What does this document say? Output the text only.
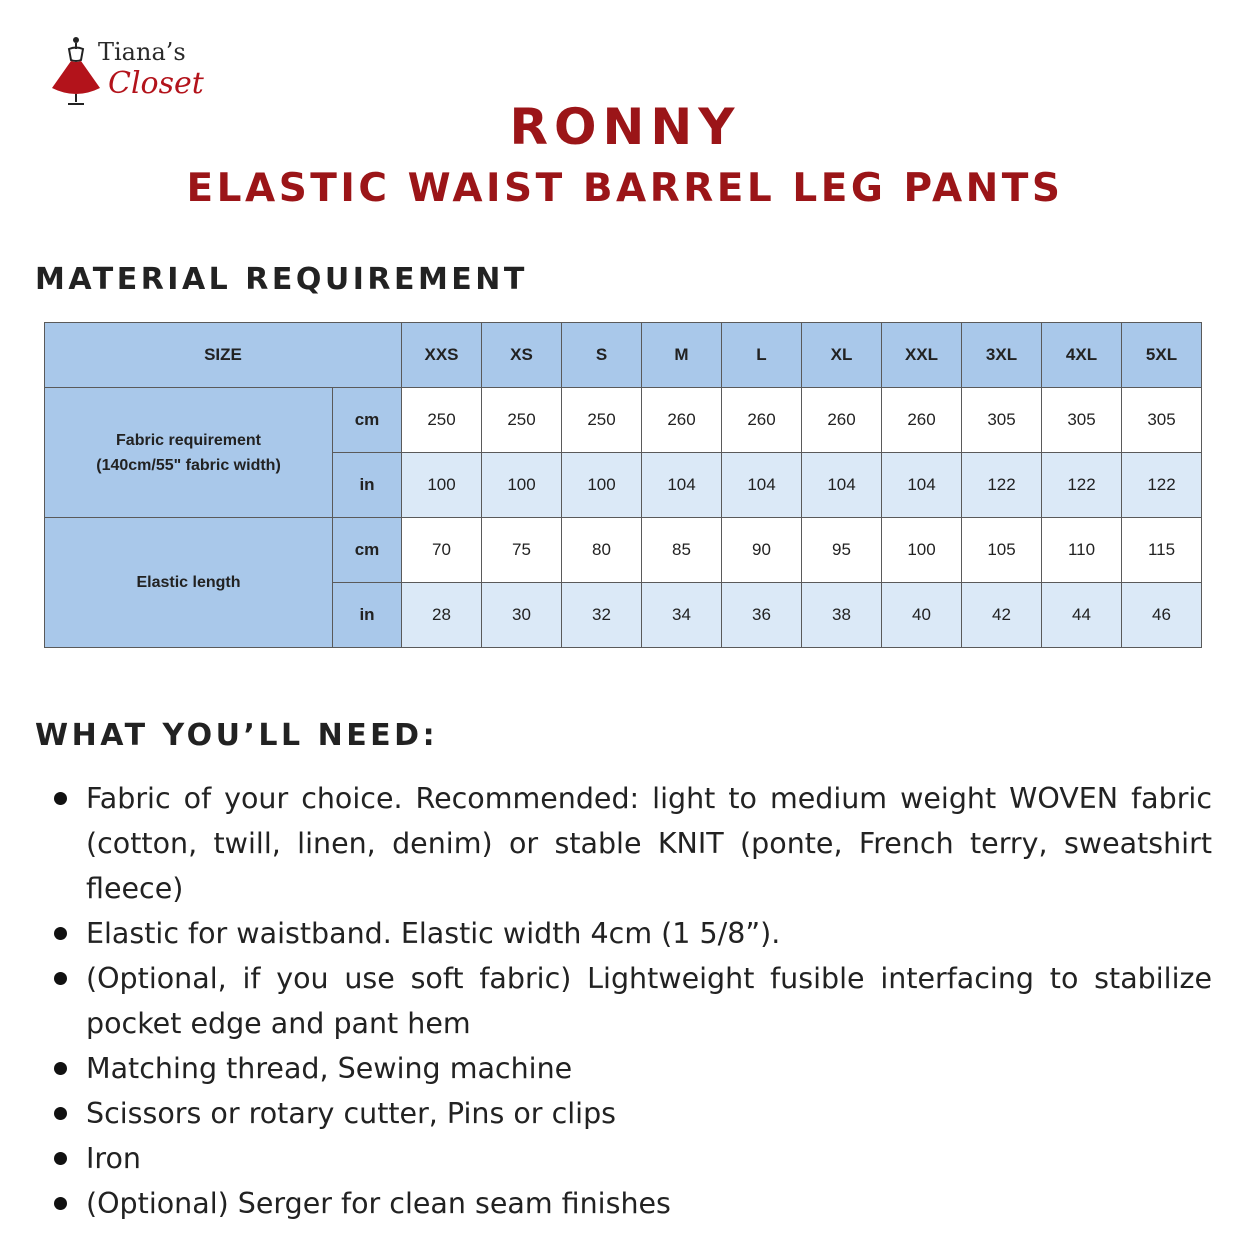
Tiana’s
Closet
RONNY
ELASTIC WAIST BARREL LEG PANTS
MATERIAL REQUIREMENT
SIZE		XXS	XS	S	M	L	XL	XXL	3XL	4XL	5XL

Fabric requirement
(140cm/55" fabric width)	cm	250	250	250	260	260	260	260	305	305	305
	in	100	100	100	104	104	104	104	122	122	122

Elastic length	cm	70	75	80	85	90	95	100	105	110	115
	in	28	30	32	34	36	38	40	42	44	46
WHAT YOU’LL NEED:
Fabric of your choice. Recommended: light to medium weight WOVEN fabric (cotton, twill, linen, denim) or stable KNIT (ponte, French terry, sweatshirt fleece)
Elastic for waistband. Elastic width 4cm (1 5/8”).
(Optional, if you use soft fabric) Lightweight fusible interfacing to stabilize pocket edge and pant hem
Matching thread, Sewing machine
Scissors or rotary cutter, Pins or clips
Iron
(Optional) Serger for clean seam finishes
